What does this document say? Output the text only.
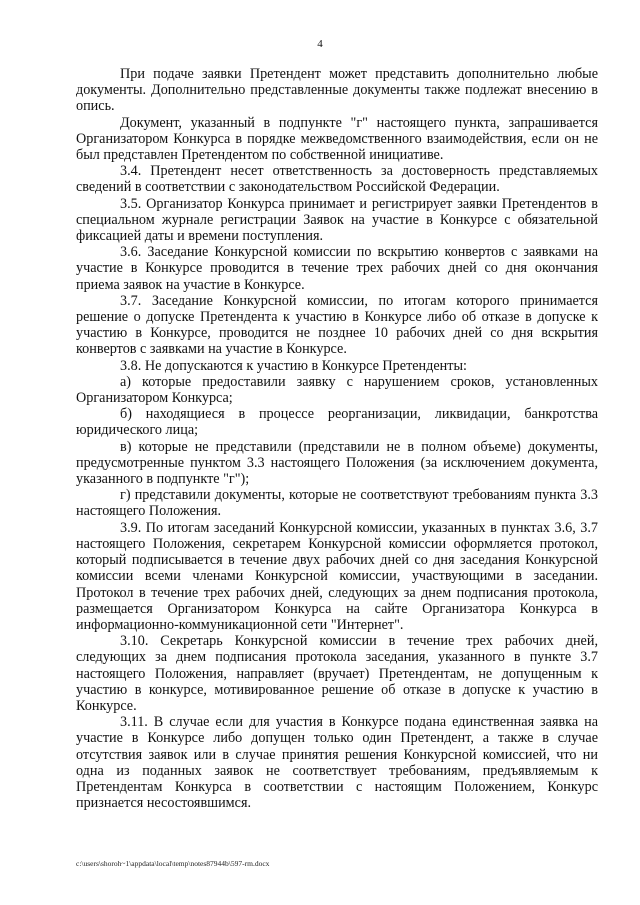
4

При подаче заявки Претендент может представить дополнительно любые документы. Дополнительно представленные документы также подлежат внесению в опись.

Документ, указанный в подпункте "г" настоящего пункта, запрашивается Организатором Конкурса в порядке межведомственного взаимодействия, если он не был представлен Претендентом по собственной инициативе.

3.4. Претендент несет ответственность за достоверность представляемых сведений в соответствии с законодательством Российской Федерации.

3.5. Организатор Конкурса принимает и регистрирует заявки Претендентов в специальном журнале регистрации Заявок на участие в Конкурсе с обязательной фиксацией даты и времени поступления.

3.6. Заседание Конкурсной комиссии по вскрытию конвертов с заявками на участие в Конкурсе проводится в течение трех рабочих дней со дня окончания приема заявок на участие в Конкурсе.

3.7. Заседание Конкурсной комиссии, по итогам которого принимается решение о допуске Претендента к участию в Конкурсе либо об отказе в допуске к участию в Конкурсе, проводится не позднее 10 рабочих дней со дня вскрытия конвертов с заявками на участие в Конкурсе.

3.8. Не допускаются к участию в Конкурсе Претенденты:

а) которые предоставили заявку с нарушением сроков, установленных Организатором Конкурса;

б) находящиеся в процессе реорганизации, ликвидации, банкротства юридического лица;

в) которые не представили (представили не в полном объеме) документы, предусмотренные пунктом 3.3 настоящего Положения (за исключением документа, указанного в подпункте "г");

г) представили документы, которые не соответствуют требованиям пункта 3.3 настоящего Положения.

3.9. По итогам заседаний Конкурсной комиссии, указанных в пунктах 3.6, 3.7 настоящего Положения, секретарем Конкурсной комиссии оформляется протокол, который подписывается в течение двух рабочих дней со дня заседания Конкурсной комиссии всеми членами Конкурсной комиссии, участвующими в заседании. Протокол в течение трех рабочих дней, следующих за днем подписания протокола, размещается Организатором Конкурса на сайте Организатора Конкурса в информационно-коммуникационной сети "Интернет".

3.10. Секретарь Конкурсной комиссии в течение трех рабочих дней, следующих за днем подписания протокола заседания, указанного в пункте 3.7 настоящего Положения, направляет (вручает) Претендентам, не допущенным к участию в конкурсе, мотивированное решение об отказе в допуске к участию в Конкурсе.

3.11. В случае если для участия в Конкурсе подана единственная заявка на участие в Конкурсе либо допущен только один Претендент, а также в случае отсутствия заявок или в случае принятия решения Конкурсной комиссией, что ни одна из поданных заявок не соответствует требованиям, предъявляемым к Претендентам Конкурса в соответствии с настоящим Положением, Конкурс признается несостоявшимся.

c:\users\shoroh~1\appdata\local\temp\notes87944b\597-rm.docx
